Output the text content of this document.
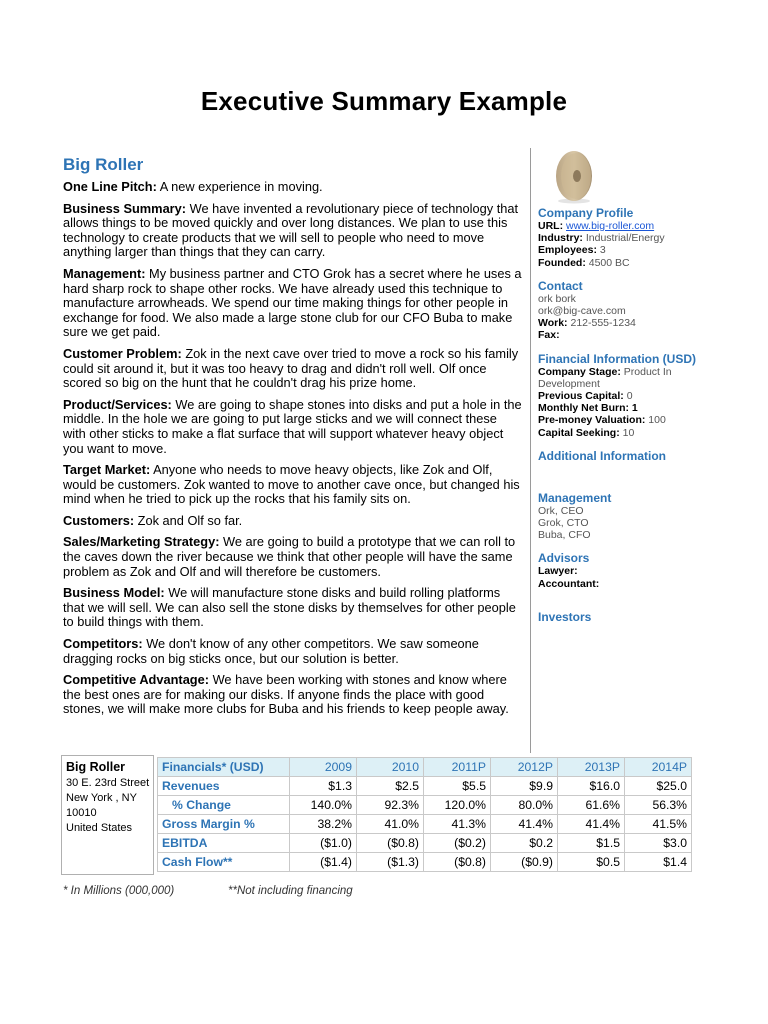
Executive Summary Example
Big Roller

One Line Pitch: A new experience in moving.

Business Summary: We have invented a revolutionary piece of technology that allows things to be moved quickly and over long distances. We plan to use this technology to create products that we will sell to people who need to move anything larger than things that they can carry.

Management: My business partner and CTO Grok has a secret where he uses a hard sharp rock to shape other rocks. We have already used this technique to manufacture arrowheads. We spend our time making things for other people in exchange for food. We also made a large stone club for our CFO Buba to make sure we get paid.

Customer Problem: Zok in the next cave over tried to move a rock so his family could sit around it, but it was too heavy to drag and didn't roll well. Olf once scored so big on the hunt that he couldn't drag his prize home.

Product/Services: We are going to shape stones into disks and put a hole in the middle. In the hole we are going to put large sticks and we will connect these with other sticks to make a flat surface that will support whatever heavy object you want to move.

Target Market: Anyone who needs to move heavy objects, like Zok and Olf, would be customers. Zok wanted to move to another cave once, but changed his mind when he tried to pick up the rocks that his family sits on.

Customers: Zok and Olf so far.

Sales/Marketing Strategy: We are going to build a prototype that we can roll to the caves down the river because we think that other people will have the same problem as Zok and Olf and will therefore be customers.

Business Model: We will manufacture stone disks and build rolling platforms that we will sell. We can also sell the stone disks by themselves for other people to build things with them.

Competitors: We don't know of any other competitors. We saw someone dragging rocks on big sticks once, but our solution is better.

Competitive Advantage: We have been working with stones and know where the best ones are for making our disks. If anyone finds the place with good stones, we will make more clubs for Buba and his friends to keep people away.

Company Profile
URL: www.big-roller.com
Industry: Industrial/Energy
Employees: 3
Founded: 4500 BC
Contact
ork bork
ork@big-cave.com
Work: 212-555-1234
Fax:
Financial Information (USD)
Company Stage: Product In Development
Previous Capital: 0
Monthly Net Burn: 1
Pre-money Valuation: 100
Capital Seeking: 10
Additional Information
Management
Ork, CEO
Grok, CTO
Buba, CFO
Advisors
Lawyer:
Accountant:
Investors
Big Roller
30 E. 23rd Street
New York , NY
10010
United States
Financials* (USD)	2009	2010	2011P	2012P	2013P	2014P
Revenues	$1.3	$2.5	$5.5	$9.9	$16.0	$25.0
% Change	140.0%	92.3%	120.0%	80.0%	61.6%	56.3%
Gross Margin %	38.2%	41.0%	41.3%	41.4%	41.4%	41.5%
EBITDA	($1.0)	($0.8)	($0.2)	$0.2	$1.5	$3.0
Cash Flow**	($1.4)	($1.3)	($0.8)	($0.9)	$0.5	$1.4
* In Millions (000,000)	**Not including financing
